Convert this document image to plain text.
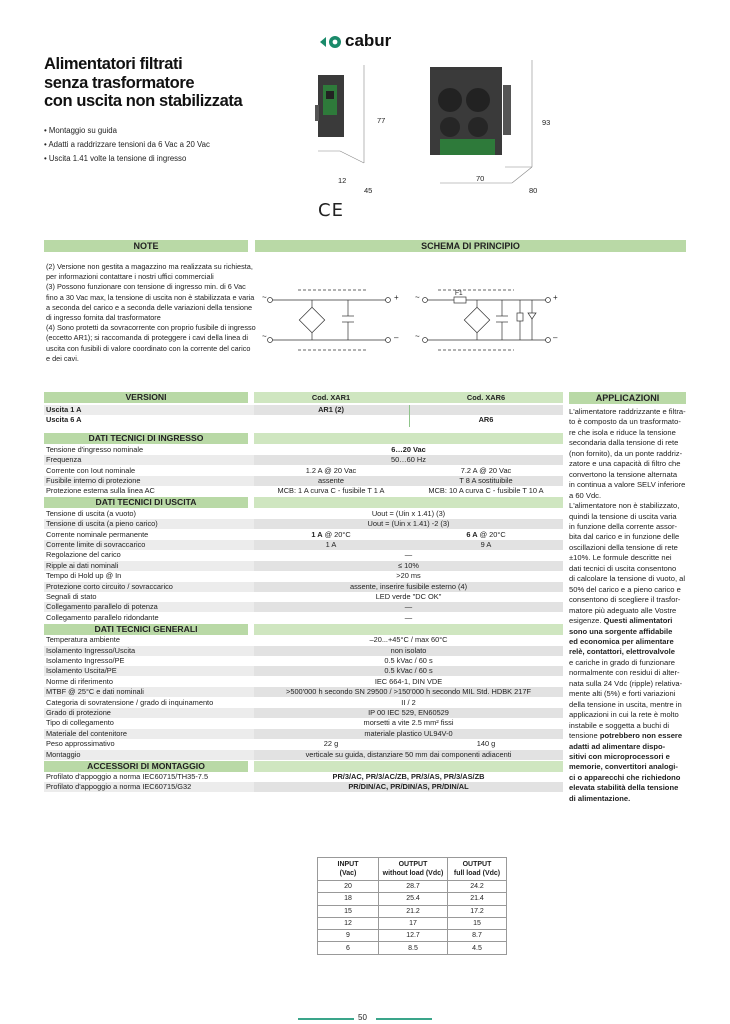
cabur
Alimentatori filtrati
senza trasformatore
con uscita non stabilizzata
• Montaggio su guida
• Adatti a raddrizzare tensioni da 6 Vac a 20 Vac
• Uscita 1.41 volte la tensione di ingresso
77
12
45
93
70
80
CE
NOTE
(2) Versione non gestita a magazzino ma realizzata su richiesta,
per informazioni contattare i nostri uffici commerciali
(3) Possono funzionare con tensione di ingresso min. di 6 Vac
fino a 30 Vac max, la tensione di uscita non è stabilizzata e varia
a seconda del carico e a seconda delle variazioni della tensione
di ingresso fornita dal trasformatore
(4) Sono protetti da sovracorrente con proprio fusibile di ingresso
(eccetto AR1); si raccomanda di proteggere i cavi della linea di
uscita con fusibili di valore coordinato con la corrente del carico
e dei cavi.
SCHEMA DI PRINCIPIO
F1
~
~
+
–
~
~
+
–
VERSIONI	Cod. XAR1	Cod. XAR6
Uscita 1 A	AR1 (2)
Uscita 6 A	AR6
DATI TECNICI DI INGRESSO
Tensione d'ingresso nominale	6…20 Vac
Frequenza	50…60 Hz
Corrente con Iout nominale	1.2 A @ 20 Vac	7.2 A @ 20 Vac
Fusibile interno di protezione	assente	T 8 A sostituibile
Protezione esterna sulla linea AC	MCB: 1 A curva C - fusibile T 1 A	MCB: 10 A curva C - fusibile T 10 A
DATI TECNICI DI USCITA
Tensione di uscita (a vuoto)	Uout = (Uin x 1.41) (3)
Tensione di uscita (a pieno carico)	Uout = (Uin x 1.41) -2 (3)
Corrente nominale permanente	1 A @ 20°C	6 A @ 20°C
Corrente limite di sovraccarico	1 A	9 A
Regolazione del carico	—
Ripple ai dati nominali	≤ 10%
Tempo di Hold up @ In	>20 ms
Protezione corto circuito / sovraccarico	assente, inserire fusibile esterno (4)
Segnali di stato	LED verde "DC OK"
Collegamento parallelo di potenza	—
Collegamento parallelo ridondante	—
DATI TECNICI GENERALI
Temperatura ambiente	–20...+45°C / max 60°C
Isolamento Ingresso/Uscita	non isolato
Isolamento Ingresso/PE	0.5 kVac / 60 s
Isolamento Uscita/PE	0.5 kVac / 60 s
Norme di riferimento	IEC 664-1, DIN VDE
MTBF @ 25°C e dati nominali	>500'000 h secondo SN 29500 / >150'000 h secondo MIL Std. HDBK 217F
Categoria di sovratensione / grado di inquinamento	II / 2
Grado di protezione	IP 00 IEC 529, EN60529
Tipo di collegamento	morsetti a vite 2.5 mm² fissi
Materiale del contenitore	materiale plastico UL94V-0
Peso approssimativo	22 g	140 g
Montaggio	verticale su guida, distanziare 50 mm dai componenti adiacenti
ACCESSORI DI MONTAGGIO
Profilato d'appoggio a norma IEC60715/TH35-7.5	PR/3/AC, PR/3/AC/ZB, PR/3/AS, PR/3/AS/ZB
Profilato d'appoggio a norma IEC60715/G32	PR/DIN/AC, PR/DIN/AS, PR/DIN/AL
APPLICAZIONI
L'alimentatore raddrizzante e filtra-
to è composto da un trasformato-
re che isola e riduce la tensione
secondaria dalla tensione di rete
(non fornito), da un ponte raddriz-
zatore e una capacità di filtro che
convertono la tensione alternata
in continua a valore SELV inferiore
a 60 Vdc.
L'alimentatore non è stabilizzato,
quindi la tensione di uscita varia
in funzione della corrente assor-
bita dal carico e in funzione delle
oscillazioni della tensione di rete
±10%. Le formule descritte nei
dati tecnici di uscita consentono
di calcolare la tensione di vuoto, al
50% del carico e a pieno carico e
consentono di scegliere il trasfor-
matore più adeguato alle Vostre
esigenze. Questi alimentatori
sono una sorgente affidabile
ed economica per alimentare
relè, contattori, elettrovalvole
e cariche in grado di funzionare
normalmente con residui di alter-
nata sulla 24 Vdc (ripple) relativa-
mente alti (5%) e forti variazioni
della tensione in uscita, mentre in
applicazioni in cui la rete è molto
instabile e soggetta a buchi di
tensione potrebbero non essere
adatti ad alimentare dispo-
sitivi con microprocessori e
memorie, convertitori analogi-
ci o apparecchi che richiedono
elevata stabilità della tensione
di alimentazione.
INPUT
(Vac)	OUTPUT
without load (Vdc)	OUTPUT
full load (Vdc)
20	28.7	24.2
18	25.4	21.4
15	21.2	17.2
12	17	15
9	12.7	8.7
6	8.5	4.5
50
